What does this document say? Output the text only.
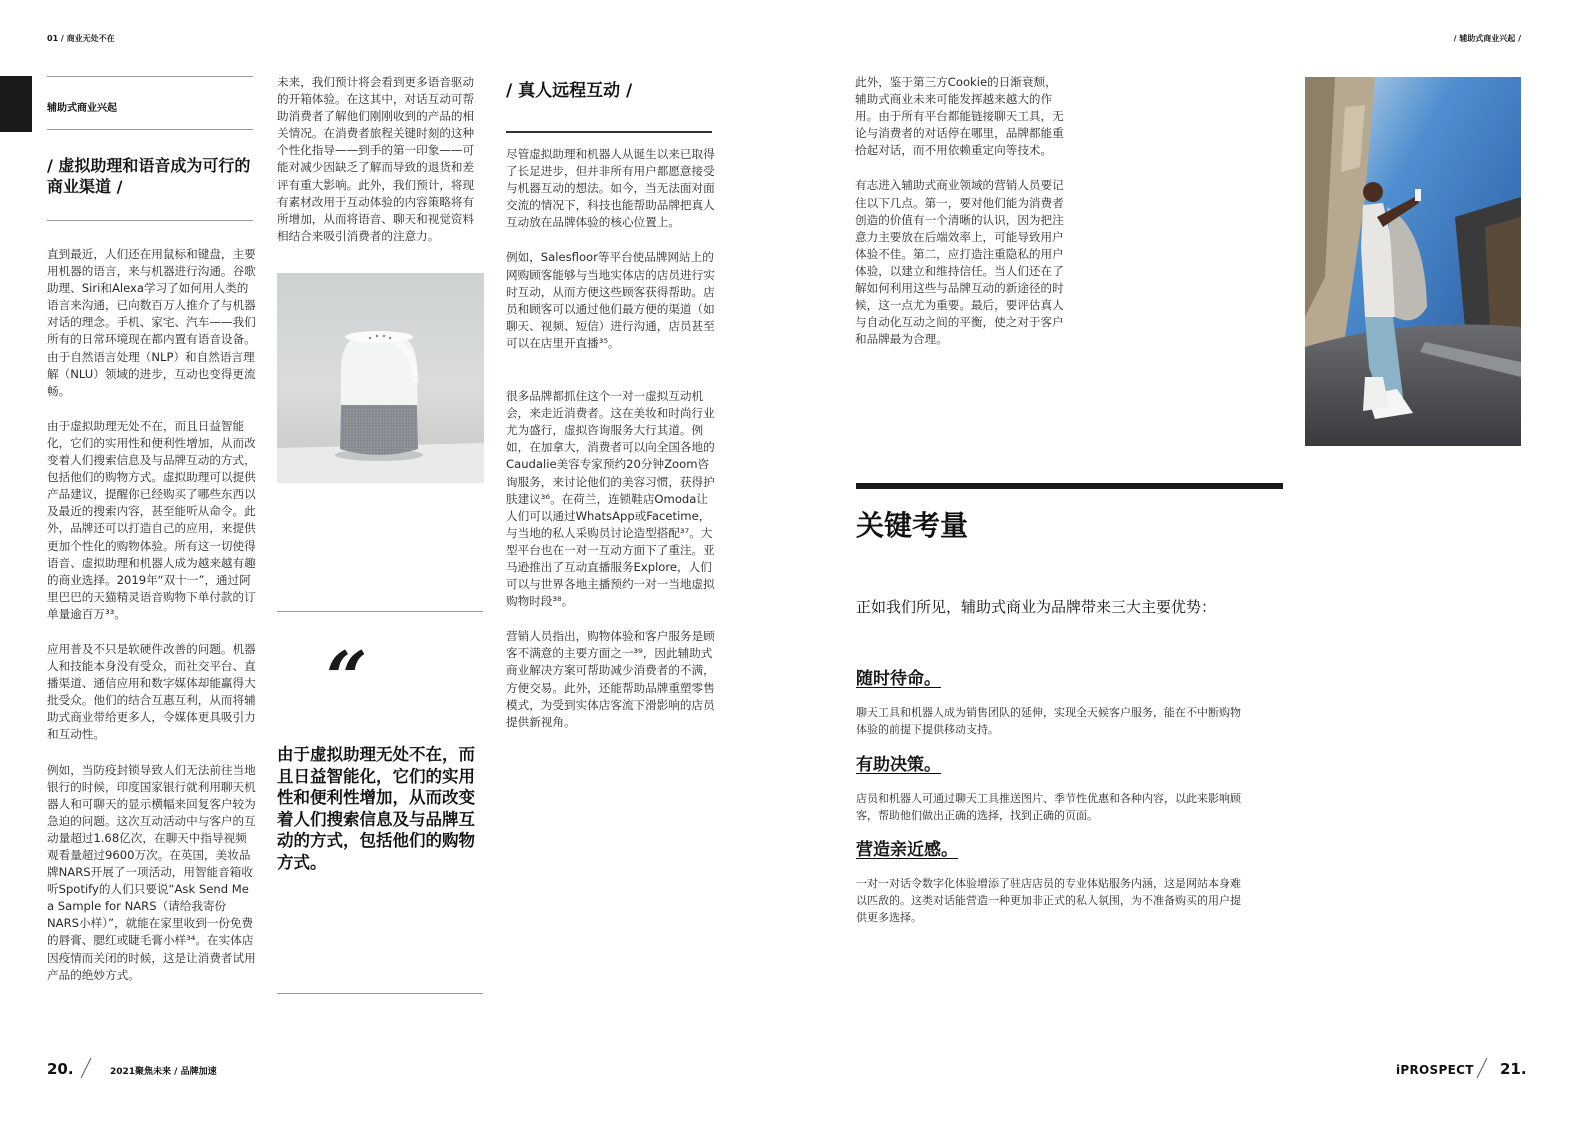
01 / 商业无处不在	/ 辅助式商业兴起 /
辅助式商业兴起
/ 虚拟助理和语音成为可行的商业渠道 /

直到最近，人们还在用鼠标和键盘，主要用机器的语言，来与机器进行沟通。谷歌助理、Siri和Alexa学习了如何用人类的语言来沟通，已向数百万人推介了与机器对话的理念。手机、家宅、汽车——我们所有的日常环境现在都内置有语音设备。由于自然语言处理（NLP）和自然语言理解（NLU）领域的进步，互动也变得更流畅。

由于虚拟助理无处不在，而且日益智能化，它们的实用性和便利性增加，从而改变着人们搜索信息及与品牌互动的方式，包括他们的购物方式。虚拟助理可以提供产品建议，提醒你已经购买了哪些东西以及最近的搜索内容，甚至能听从命令。此外，品牌还可以打造自己的应用，来提供更加个性化的购物体验。所有这一切使得语音、虚拟助理和机器人成为越来越有趣的商业选择。2019年“双十一”，通过阿里巴巴的天猫精灵语音购物下单付款的订单量逾百万³³。

应用普及不只是软硬件改善的问题。机器人和技能本身没有受众，而社交平台、直播渠道、通信应用和数字媒体却能赢得大批受众。他们的结合互惠互利，从而将辅助式商业带给更多人，令媒体更具吸引力和互动性。

例如，当防疫封锁导致人们无法前往当地银行的时候，印度国家银行就利用聊天机器人和可聊天的显示横幅来回复客户较为急迫的问题。这次互动活动中与客户的互动量超过1.68亿次，在聊天中指导视频观看量超过9600万次。在英国，美妆品牌NARS开展了一项活动，用智能音箱收听Spotify的人们只要说“Ask Send Me a Sample for NARS（请给我寄份NARS小样）”，就能在家里收到一份免费的唇膏、腮红或睫毛膏小样³⁴。在实体店因疫情而关闭的时候，这是让消费者试用产品的绝妙方式。

未来，我们预计将会看到更多语音驱动的开箱体验。在这其中，对话互动可帮助消费者了解他们刚刚收到的产品的相关情况。在消费者旅程关键时刻的这种个性化指导——到手的第一印象——可能对减少因缺乏了解而导致的退货和差评有重大影响。此外，我们预计，将现有素材改用于互动体验的内容策略将有所增加，从而将语音、聊天和视觉资料相结合来吸引消费者的注意力。

“
由于虚拟助理无处不在，而且日益智能化，它们的实用性和便利性增加，从而改变着人们搜索信息及与品牌互动的方式，包括他们的购物方式。
/ 真人远程互动 /

尽管虚拟助理和机器人从诞生以来已取得了长足进步，但并非所有用户都愿意接受与机器互动的想法。如今，当无法面对面交流的情况下，科技也能帮助品牌把真人互动放在品牌体验的核心位置上。

例如，Salesfloor等平台使品牌网站上的网购顾客能够与当地实体店的店员进行实时互动，从而方便这些顾客获得帮助。店员和顾客可以通过他们最方便的渠道（如聊天、视频、短信）进行沟通，店员甚至可以在店里开直播³⁵。

很多品牌都抓住这个一对一虚拟互动机会，来走近消费者。这在美妆和时尚行业尤为盛行，虚拟咨询服务大行其道。例如，在加拿大，消费者可以向全国各地的Caudalie美容专家预约20分钟Zoom咨询服务，来讨论他们的美容习惯，获得护肤建议³⁶。在荷兰，连锁鞋店Omoda让人们可以通过WhatsApp或Facetime，与当地的私人采购员讨论造型搭配³⁷。大型平台也在一对一互动方面下了重注。亚马逊推出了互动直播服务Explore，人们可以与世界各地主播预约一对一当地虚拟购物时段³⁸。

营销人员指出，购物体验和客户服务是顾客不满意的主要方面之一³⁹，因此辅助式商业解决方案可帮助减少消费者的不满，方便交易。此外，还能帮助品牌重塑零售模式，为受到实体店客流下滑影响的店员提供新视角。

此外，鉴于第三方Cookie的日渐衰颓，辅助式商业未来可能发挥越来越大的作用。由于所有平台都能链接聊天工具，无论与消费者的对话停在哪里，品牌都能重拾起对话，而不用依赖重定向等技术。

有志进入辅助式商业领域的营销人员要记住以下几点。第一，要对他们能为消费者创造的价值有一个清晰的认识，因为把注意力主要放在后端效率上，可能导致用户体验不佳。第二，应打造注重隐私的用户体验，以建立和维持信任。当人们还在了解如何利用这些与品牌互动的新途径的时候，这一点尤为重要。最后，要评估真人与自动化互动之间的平衡，使之对于客户和品牌最为合理。

关键考量
正如我们所见，辅助式商业为品牌带来三大主要优势：
随时待命。
聊天工具和机器人成为销售团队的延伸，实现全天候客户服务，能在不中断购物体验的前提下提供移动支持。
有助决策。
店员和机器人可通过聊天工具推送图片、季节性优惠和各种内容，以此来影响顾客，帮助他们做出正确的选择，找到正确的页面。
营造亲近感。
一对一对话令数字化体验增添了驻店店员的专业体贴服务内涵，这是网站本身难以匹敌的。这类对话能营造一种更加非正式的私人氛围，为不准备购买的用户提供更多选择。
20.	2021聚焦未来 / 品牌加速	iPROSPECT 21.
